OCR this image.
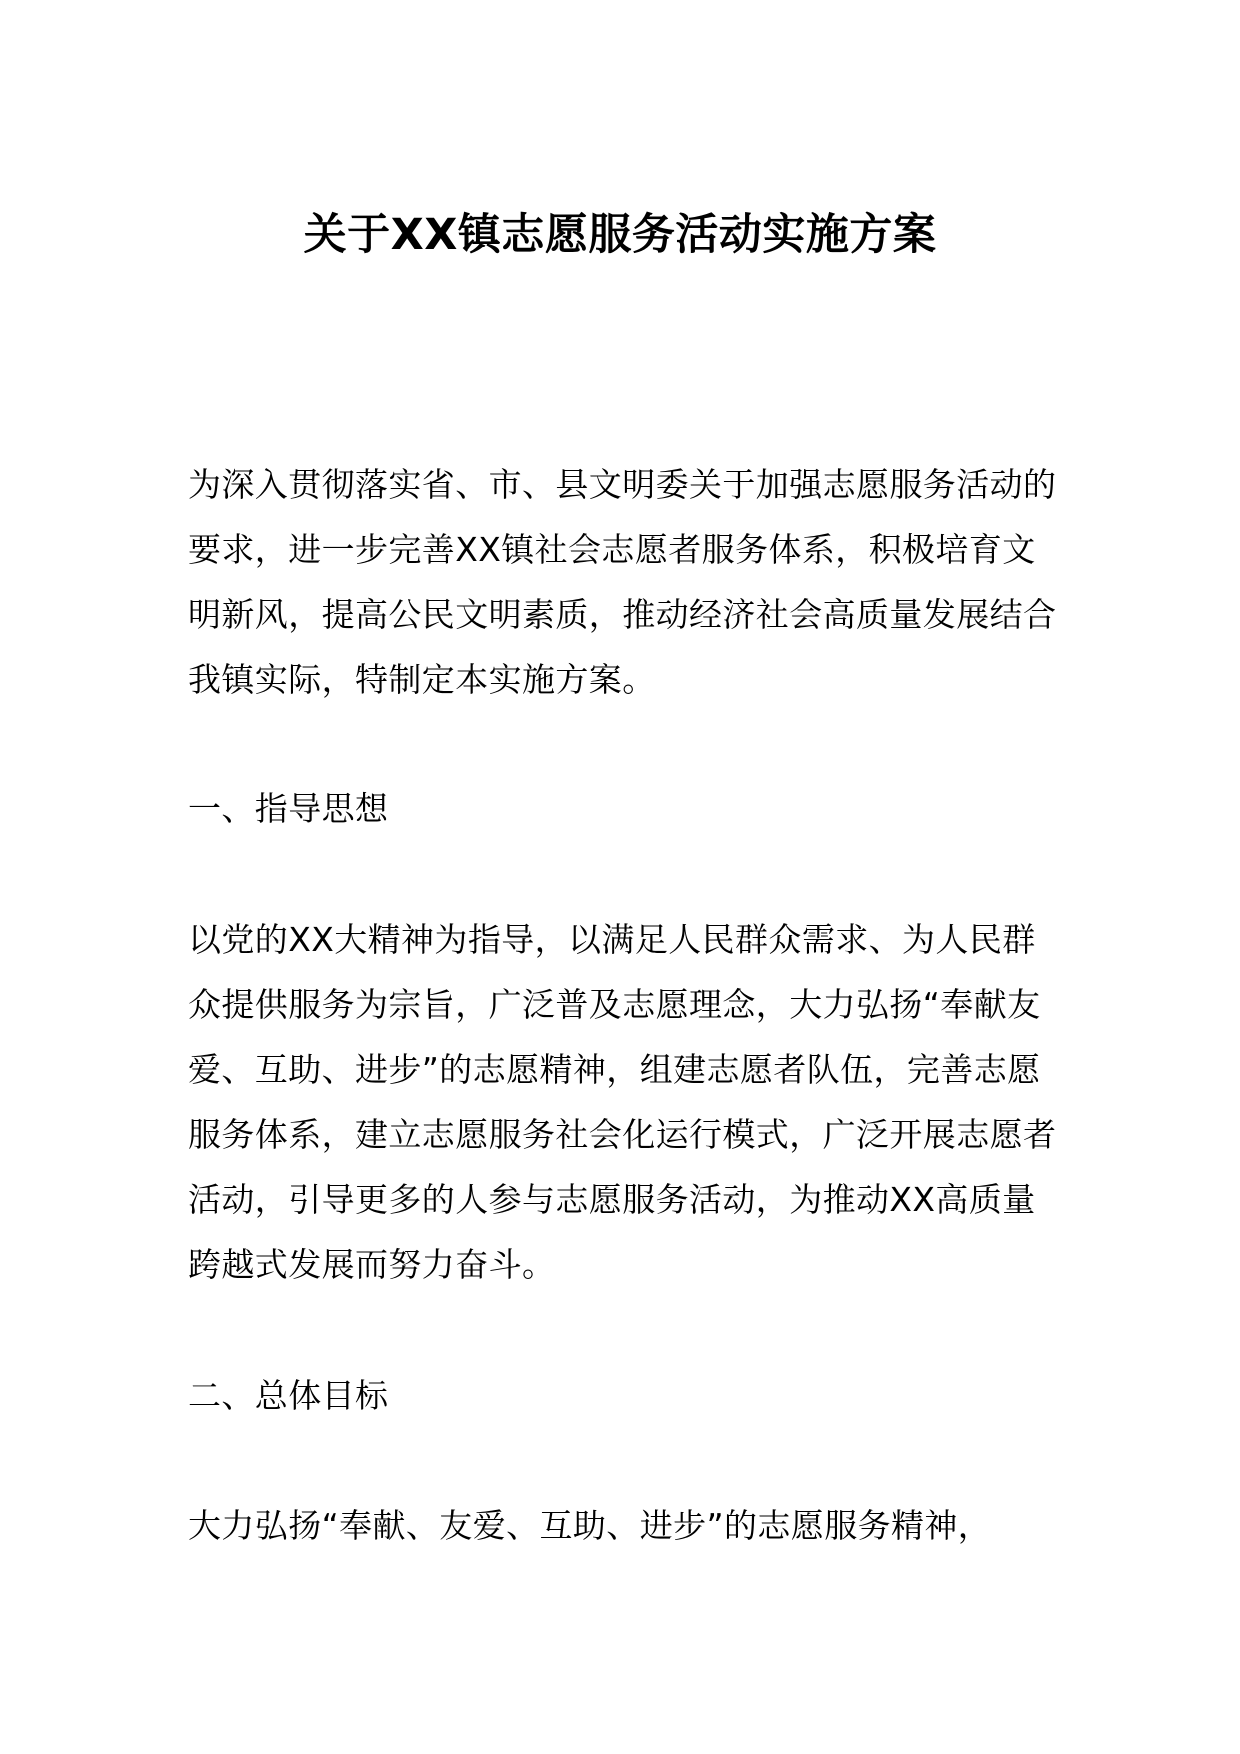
关于XX镇志愿服务活动实施方案

为深入贯彻落实省、市、县文明委关于加强志愿服务活动的要求，进一步完善XX镇社会志愿者服务体系，积极培育文明新风，提高公民文明素质，推动经济社会高质量发展结合我镇实际，特制定本实施方案。

一、指导思想

以党的XX大精神为指导，以满足人民群众需求、为人民群众提供服务为宗旨，广泛普及志愿理念，大力弘扬“奉献友爱、互助、进步”的志愿精神，组建志愿者队伍，完善志愿服务体系，建立志愿服务社会化运行模式，广泛开展志愿者活动，引导更多的人参与志愿服务活动，为推动XX高质量跨越式发展而努力奋斗。

二、总体目标

大力弘扬“奉献、友爱、互助、进步”的志愿服务精神，
